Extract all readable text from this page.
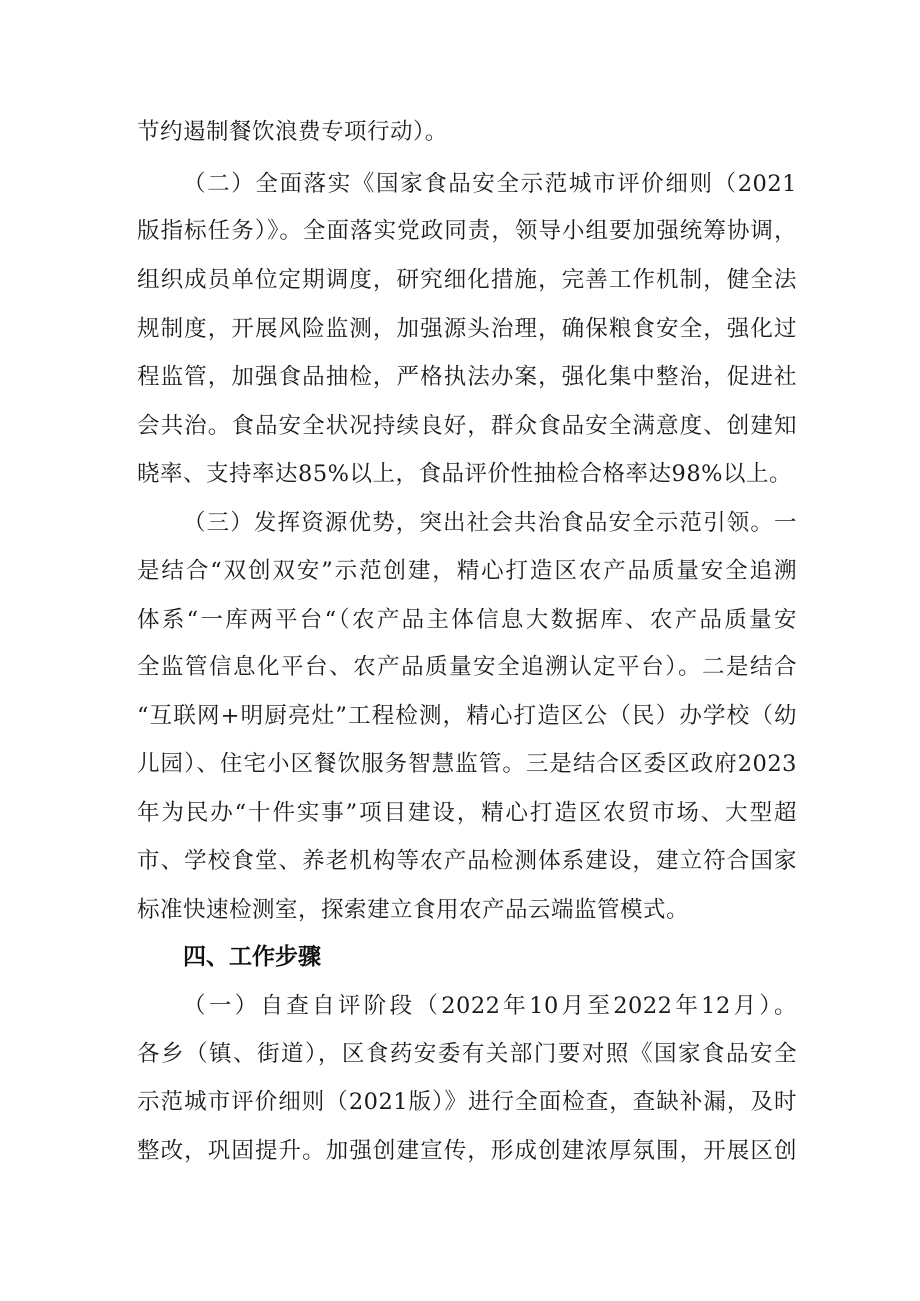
节约遏制餐饮浪费专项行动）。
（二）全面落实《国家食品安全示范城市评价细则（2021
版指标任务）》。全面落实党政同责，领导小组要加强统筹协调，
组织成员单位定期调度，研究细化措施，完善工作机制，健全法
规制度，开展风险监测，加强源头治理，确保粮食安全，强化过
程监管，加强食品抽检，严格执法办案，强化集中整治，促进社
会共治。食品安全状况持续良好，群众食品安全满意度、创建知
晓率、支持率达85%以上，食品评价性抽检合格率达98%以上。
（三）发挥资源优势，突出社会共治食品安全示范引领。一
是结合“双创双安”示范创建，精心打造区农产品质量安全追溯
体系“一库两平台“（农产品主体信息大数据库、农产品质量安
全监管信息化平台、农产品质量安全追溯认定平台）。二是结合
“互联网+明厨亮灶”工程检测，精心打造区公（民）办学校（幼
儿园）、住宅小区餐饮服务智慧监管。三是结合区委区政府2023
年为民办“十件实事”项目建设，精心打造区农贸市场、大型超
市、学校食堂、养老机构等农产品检测体系建设，建立符合国家
标准快速检测室，探索建立食用农产品云端监管模式。
四、工作步骤
（一）自查自评阶段（2022年10月至2022年12月）。
各乡（镇、街道），区食药安委有关部门要对照《国家食品安全
示范城市评价细则（2021版）》进行全面检查，查缺补漏，及时
整改，巩固提升。加强创建宣传，形成创建浓厚氛围，开展区创
